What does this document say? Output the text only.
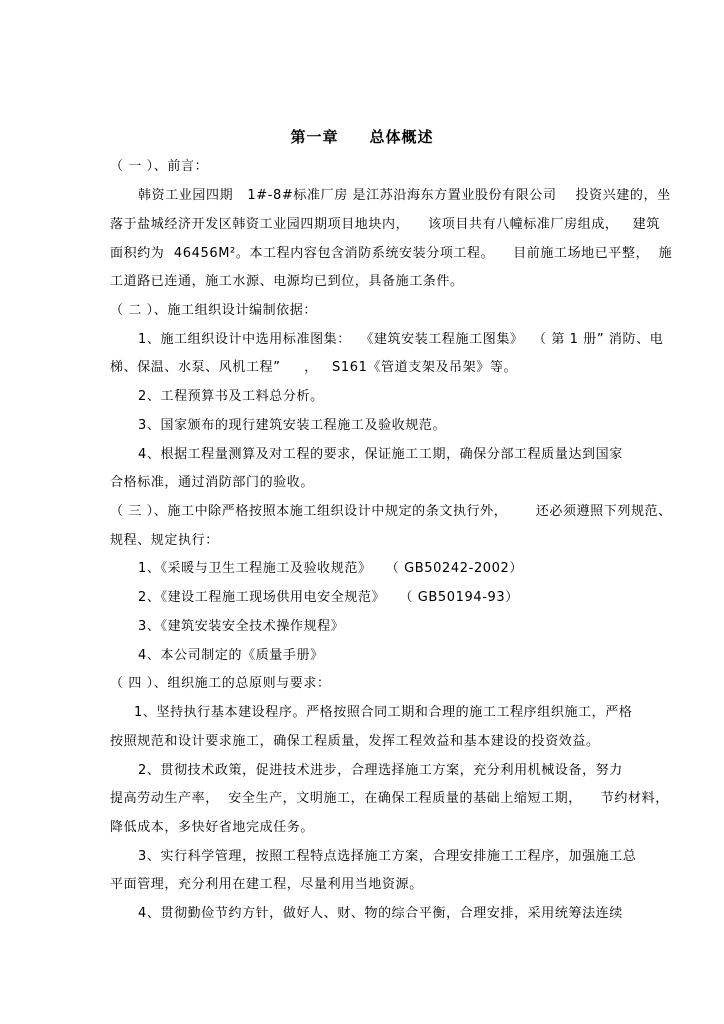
第一章     总体概述
（ 一 ）、前言：
韩资工业园四期   1#-8#标准厂房 是江苏沿海东方置业股份有限公司    投资兴建的，坐
落于盐城经济开发区韩资工业园四期项目地块内，    该项目共有八幢标准厂房组成，   建筑
面积约为  46456M²。本工程内容包含消防系统安装分项工程。    目前施工场地已平整，  施
工道路已连通，施工水源、电源均已到位，具备施工条件。
（ 二 ）、施工组织设计编制依据：
1、施工组织设计中选用标准图集：  《建筑安装工程施工图集》  （ 第 1 册” 消防、电
梯、保温、水泵、风机工程”     ，   S161《管道支架及吊架》等。
2、工程预算书及工料总分析。
3、国家颁布的现行建筑安装工程施工及验收规范。
4、根据工程量测算及对工程的要求，保证施工工期，确保分部工程质量达到国家
合格标准，通过消防部门的验收。
（ 三 ）、施工中除严格按照本施工组织设计中规定的条文执行外，      还必须遵照下列规范、
规程、规定执行：
1、《采暖与卫生工程施工及验收规范》   （ GB50242-2002）
2、《建设工程施工现场供用电安全规范》   （ GB50194-93）
3、《建筑安装安全技术操作规程》
4、本公司制定的《质量手册》
（ 四 ）、组织施工的总原则与要求：
1、坚持执行基本建设程序。严格按照合同工期和合理的施工工程序组织施工，严格
按照规范和设计要求施工，确保工程质量，发挥工程效益和基本建设的投资效益。
2、贯彻技术政策，促进技术进步，合理选择施工方案，充分利用机械设备，努力
提高劳动生产率，  安全生产，文明施工，在确保工程质量的基础上缩短工期，    节约材料，
降低成本，多快好省地完成任务。
3、实行科学管理，按照工程特点选择施工方案，合理安排施工工程序，加强施工总
平面管理，充分利用在建工程，尽量利用当地资源。
4、贯彻勤俭节约方针，做好人、财、物的综合平衡，合理安排，采用统筹法连续
